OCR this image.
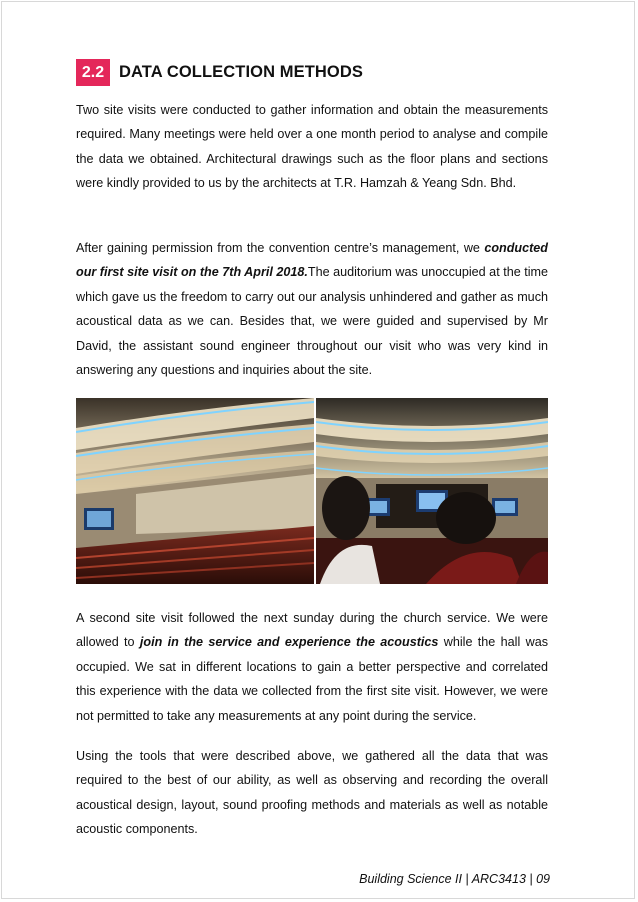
2.2 DATA COLLECTION METHODS

Two site visits were conducted to gather information and obtain the measurements required. Many meetings were held over a one month period to analyse and compile the data we obtained. Architectural drawings such as the floor plans and sections were kindly provided to us by the architects at T.R. Hamzah & Yeang Sdn. Bhd.

After gaining permission from the convention centre’s management, we conducted our first site visit on the 7th April 2018.The auditorium was unoccupied at the time which gave us the freedom to carry out our analysis unhindered and gather as much acoustical data as we can. Besides that, we were guided and supervised by Mr David, the assistant sound engineer throughout our visit who was very kind in answering any questions and inquiries about the site.

A second site visit followed the next sunday during the church service. We were allowed to join in the service and experience the acoustics while the hall was occupied. We sat in different locations to gain a better perspective and correlated this experience with the data we collected from the first site visit. However, we were not permitted to take any measurements at any point during the service.

Using the tools that were described above, we gathered all the data that was required to the best of our ability, as well as observing and recording the overall acoustical design, layout, sound proofing methods and materials as well as notable acoustic components.

Building Science II | ARC3413 | 09
